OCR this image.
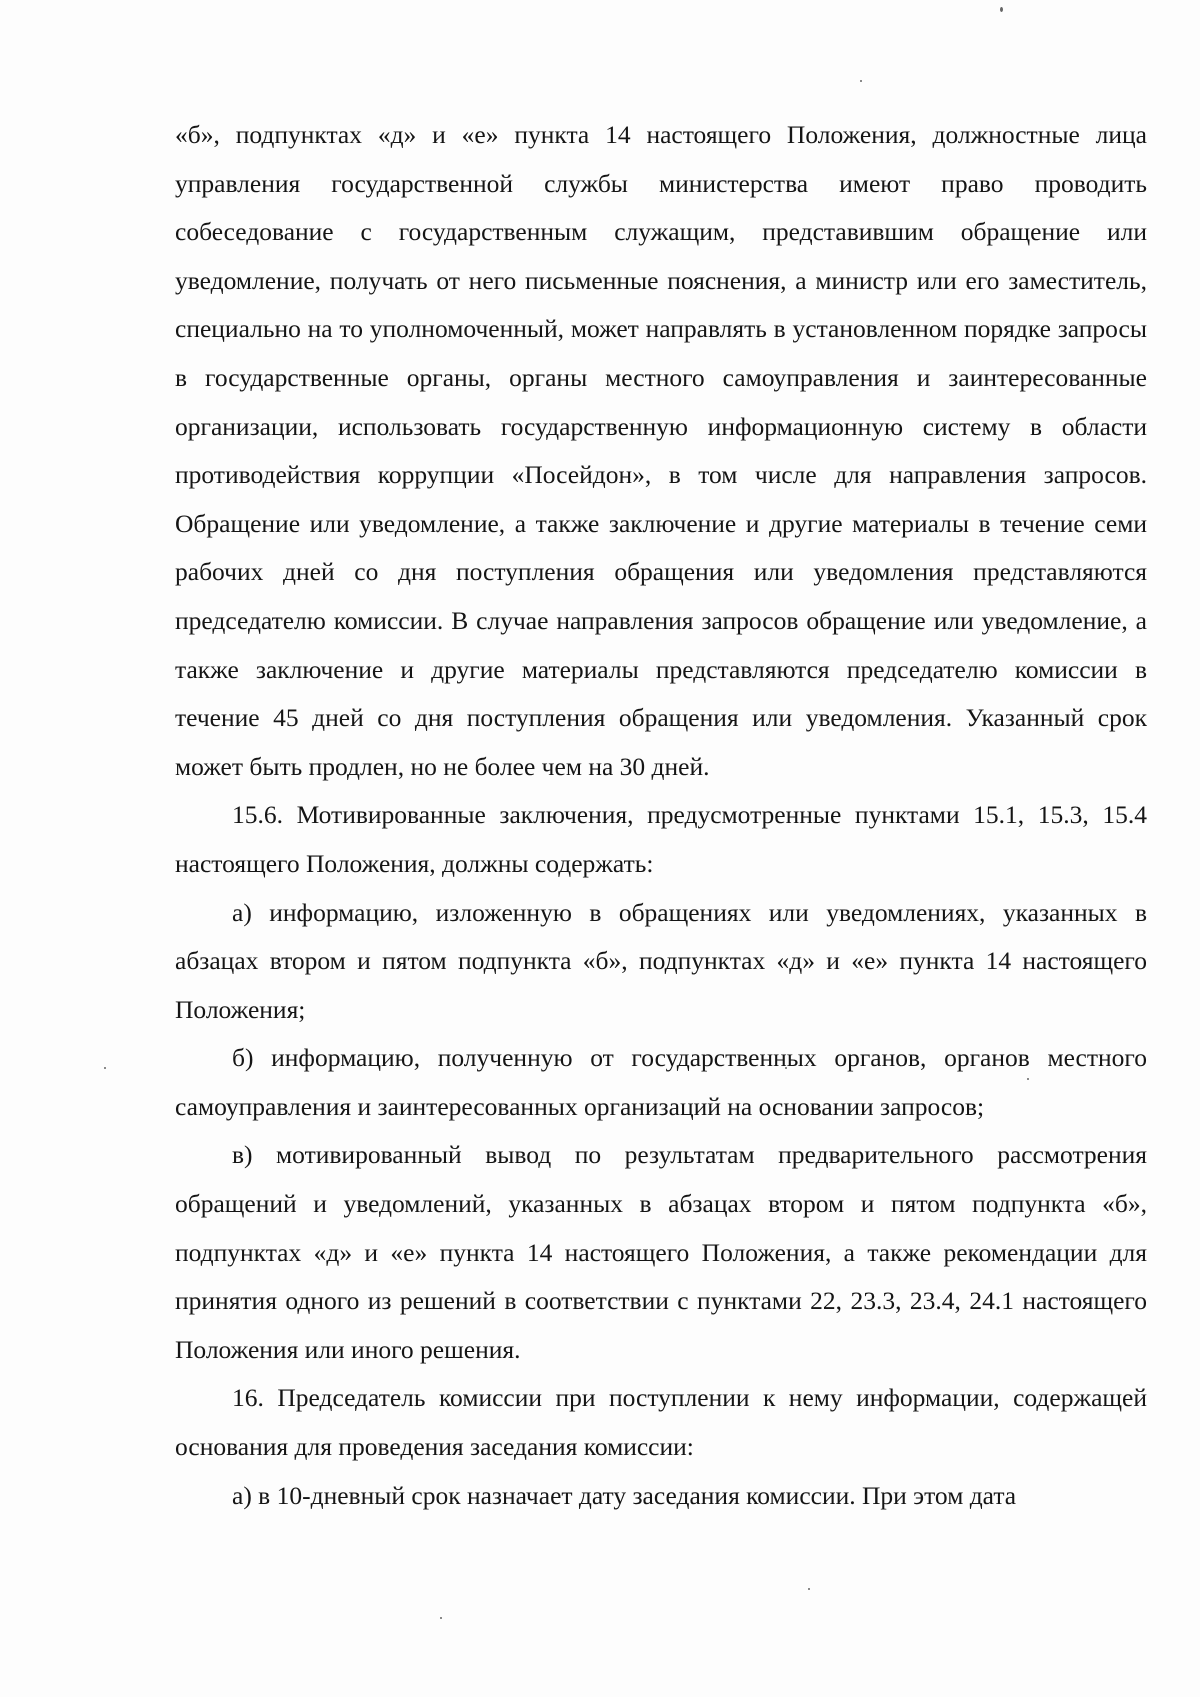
«б», подпунктах «д» и «е» пункта 14 настоящего Положения, должностные лица управления государственной службы министерства имеют право проводить собеседование с государственным служащим, представившим обращение или уведомление, получать от него письменные пояснения, а министр или его заместитель, специально на то уполномоченный, может направлять в установленном порядке запросы в государственные органы, органы местного самоуправления и заинтересованные организации, использовать государственную информационную систему в области противодействия коррупции «Посейдон», в том числе для направления запросов. Обращение или уведомление, а также заключение и другие материалы в течение семи рабочих дней со дня поступления обращения или уведомления представляются председателю комиссии. В случае направления запросов обращение или уведомление, а также заключение и другие материалы представляются председателю комиссии в течение 45 дней со дня поступления обращения или уведомления. Указанный срок может быть продлен, но не более чем на 30 дней.

15.6. Мотивированные заключения, предусмотренные пунктами 15.1, 15.3, 15.4 настоящего Положения, должны содержать:

а) информацию, изложенную в обращениях или уведомлениях, указанных в абзацах втором и пятом подпункта «б», подпунктах «д» и «е» пункта 14 настоящего Положения;

б) информацию, полученную от государственных органов, органов местного самоуправления и заинтересованных организаций на основании запросов;

в) мотивированный вывод по результатам предварительного рассмотрения обращений и уведомлений, указанных в абзацах втором и пятом подпункта «б», подпунктах «д» и «е» пункта 14 настоящего Положения, а также рекомендации для принятия одного из решений в соответствии с пунктами 22, 23.3, 23.4, 24.1 настоящего Положения или иного решения.

16. Председатель комиссии при поступлении к нему информации, содержащей основания для проведения заседания комиссии:

а) в 10-дневный срок назначает дату заседания комиссии. При этом дата
